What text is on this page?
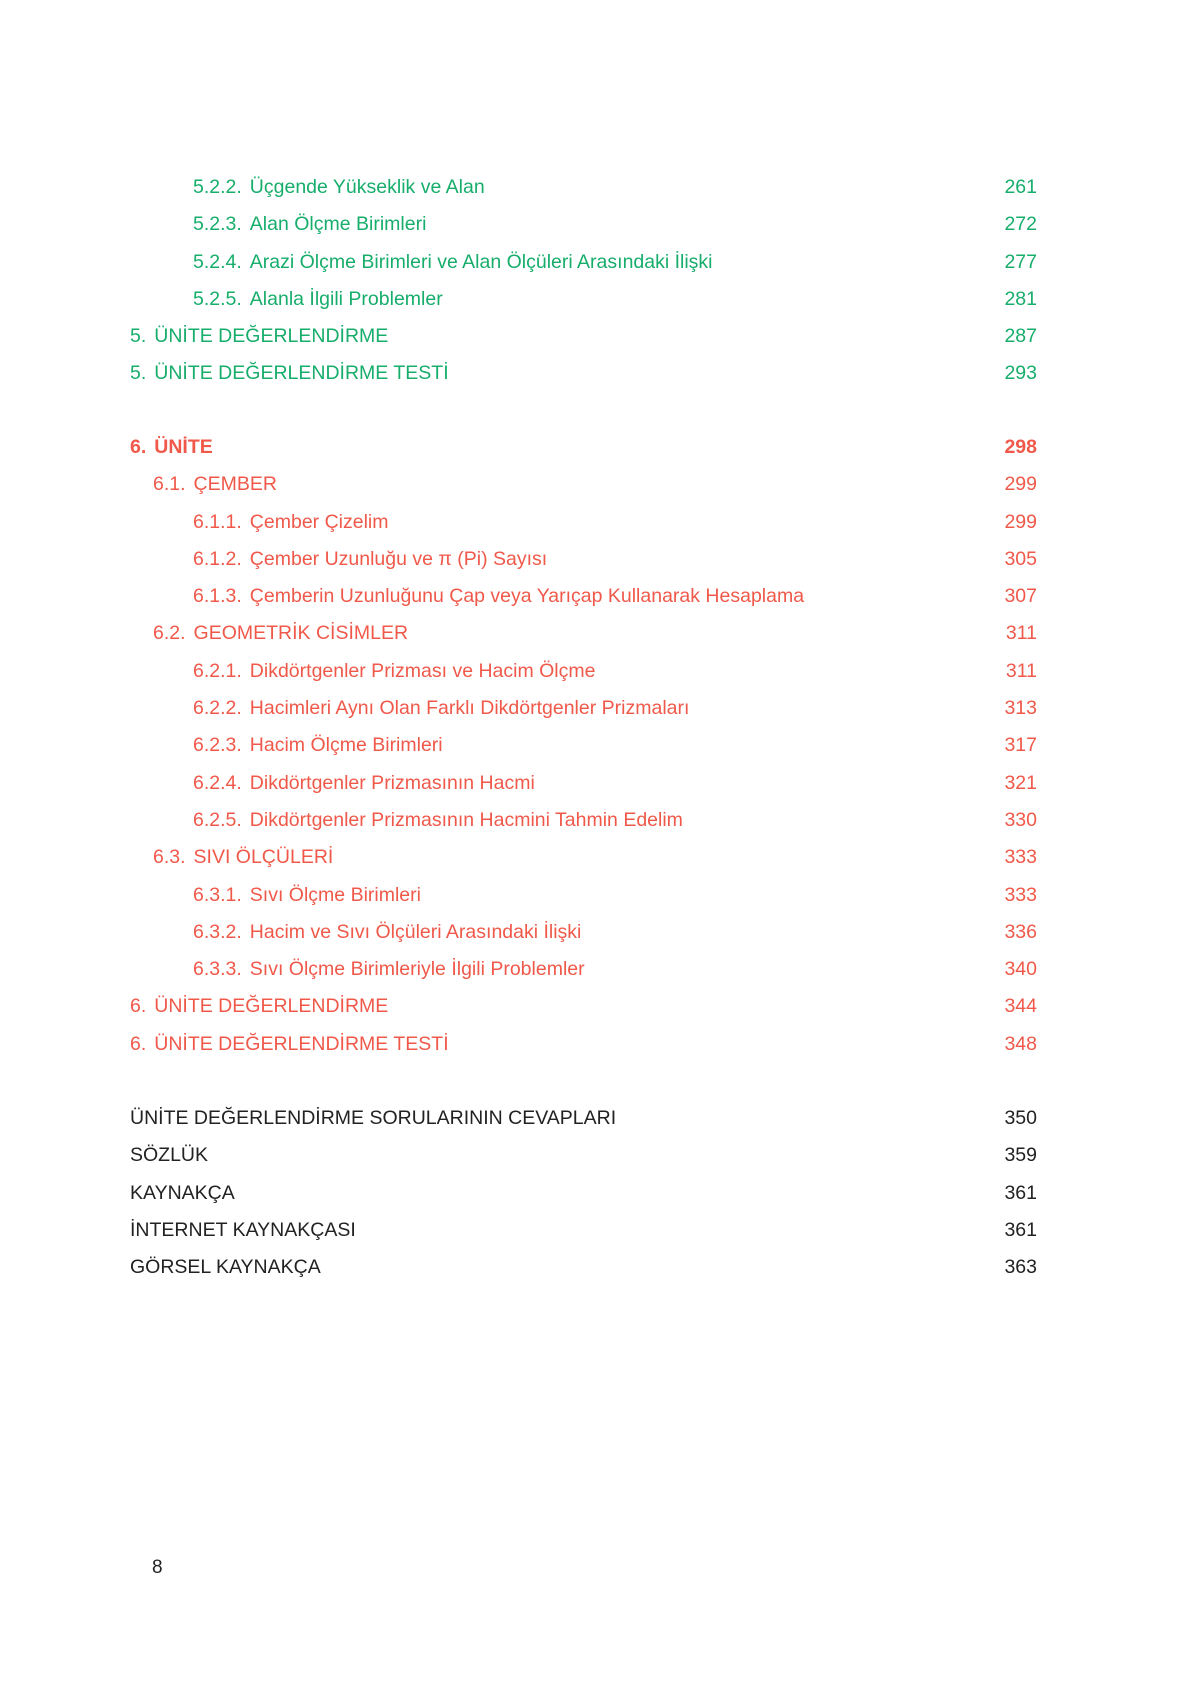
5.2.2. Üçgende Yükseklik ve Alan . . .	261
5.2.3. Alan Ölçme Birimleri . . .	272
5.2.4. Arazi Ölçme Birimleri ve Alan Ölçüleri Arasındaki İlişki . . .	277
5.2.5. Alanla İlgili Problemler . . .	281
5. ÜNİTE DEĞERLENDİRME . . .	287
5. ÜNİTE DEĞERLENDİRME TESTİ . . .	293
6. ÜNİTE . . .	298
6.1. ÇEMBER . . .	299
6.1.1. Çember Çizelim . . .	299
6.1.2. Çember Uzunluğu ve π (Pi) Sayısı . . .	305
6.1.3. Çemberin Uzunluğunu Çap veya Yarıçap Kullanarak Hesaplama . . .	307
6.2. GEOMETRİK CİSİMLER . . .	311
6.2.1. Dikdörtgenler Prizması ve Hacim Ölçme . . .	311
6.2.2. Hacimleri Aynı Olan Farklı Dikdörtgenler Prizmaları . . .	313
6.2.3. Hacim Ölçme Birimleri . . .	317
6.2.4. Dikdörtgenler Prizmasının Hacmi . . .	321
6.2.5. Dikdörtgenler Prizmasının Hacmini Tahmin Edelim . . .	330
6.3. SIVI ÖLÇÜLERİ . . .	333
6.3.1. Sıvı Ölçme Birimleri . . .	333
6.3.2. Hacim ve Sıvı Ölçüleri Arasındaki İlişki . . .	336
6.3.3. Sıvı Ölçme Birimleriyle İlgili Problemler . . .	340
6. ÜNİTE DEĞERLENDİRME . . .	344
6. ÜNİTE DEĞERLENDİRME TESTİ . . .	348
ÜNİTE DEĞERLENDİRME SORULARININ CEVAPLARI . . .	350
SÖZLÜK . . .	359
KAYNAKÇA . . .	361
İNTERNET KAYNAKÇASI . . .	361
GÖRSEL KAYNAKÇA . . .	363
8
